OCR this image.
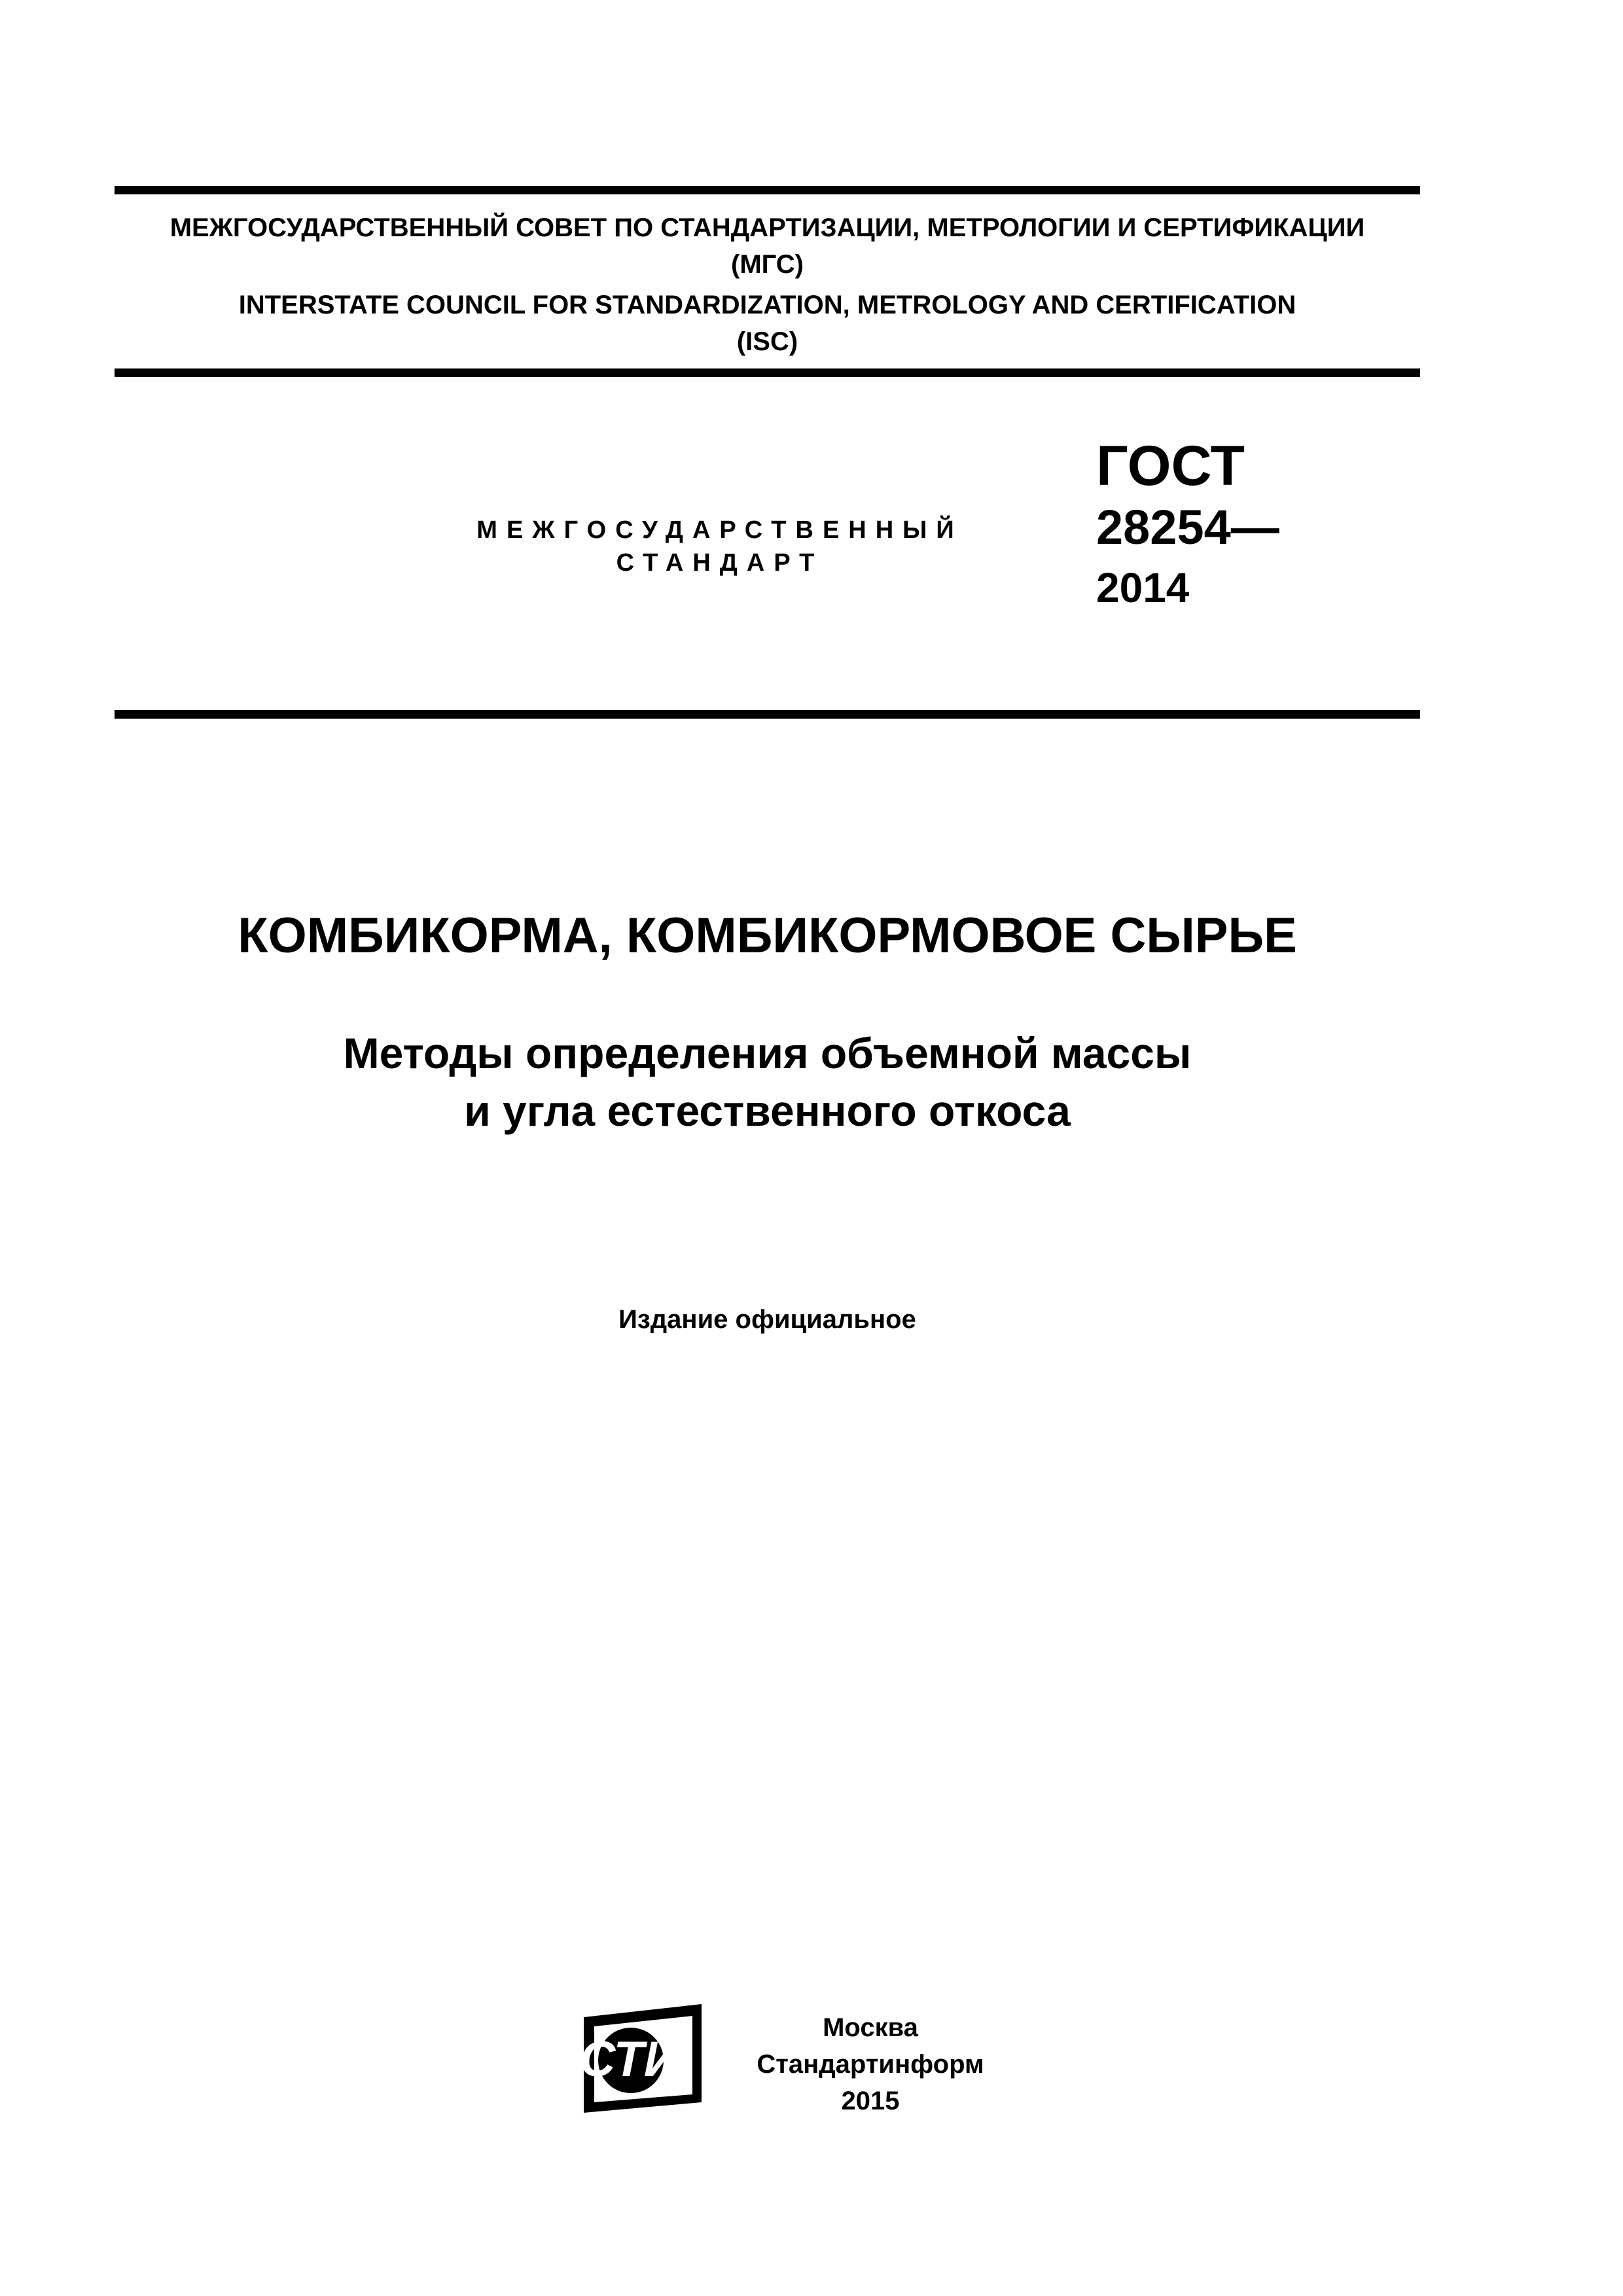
МЕЖГОСУДАРСТВЕННЫЙ СОВЕТ ПО СТАНДАРТИЗАЦИИ, МЕТРОЛОГИИ И СЕРТИФИКАЦИИ
(МГС)
INTERSTATE COUNCIL FOR STANDARDIZATION, METROLOGY AND CERTIFICATION
(ISC)
МЕЖГОСУДАРСТВЕННЫЙ
СТАНДАРТ
ГОСТ
28254—
2014
КОМБИКОРМА, КОМБИКОРМОВОЕ СЫРЬЕ
Методы определения объемной массы
и угла естественного откоса
Издание официальное
СТИ
Москва
Стандартинформ
2015
